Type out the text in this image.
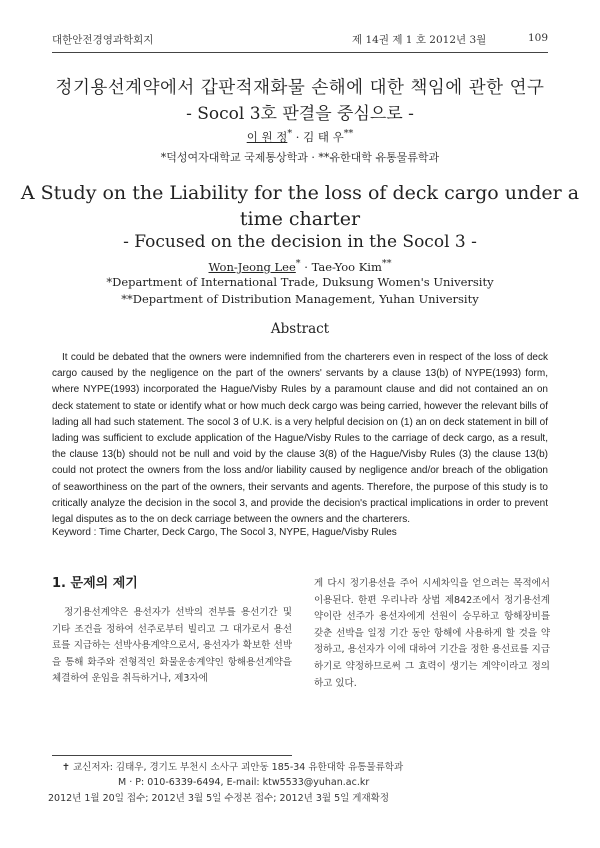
대한안전경영과학회지	제 14권 제 1 호 2012년 3월	109
정기용선계약에서 갑판적재화물 손해에 대한 책임에 관한 연구
- Socol 3호 판결을 중심으로 -
이 원 정* · 김 태 우**
*덕성여자대학교 국제통상학과 · **유한대학 유통물류학과
A Study on the Liability for the loss of deck cargo under a
time charter
- Focused on the decision in the Socol 3 -
Won-Jeong Lee* · Tae-Yoo Kim**
*Department of International Trade, Duksung Women's University
**Department of Distribution Management, Yuhan University
Abstract
It could be debated that the owners were indemnified from the charterers even in respect of the loss of deck cargo caused by the negligence on the part of the owners' servants by a clause 13(b) of NYPE(1993) form, where NYPE(1993) incorporated the Hague/Visby Rules by a paramount clause and did not contained an on deck statement to state or identify what or how much deck cargo was being carried, however the relevant bills of lading all had such statement. The socol 3 of U.K. is a very helpful decision on (1) an on deck statement in bill of lading was sufficient to exclude application of the Hague/Visby Rules to the carriage of deck cargo, as a result, the clause 13(b) should not be null and void by the clause 3(8) of the Hague/Visby Rules (3) the clause 13(b) could not protect the owners from the loss and/or liability caused by negligence and/or breach of the obligation of seaworthiness on the part of the owners, their servants and agents. Therefore, the purpose of this study is to critically analyze the decision in the socol 3, and provide the decision's practical implications in order to prevent legal disputes as to the on deck carriage between the owners and the charterers.
Keyword : Time Charter, Deck Cargo, The Socol 3, NYPE, Hague/Visby Rules
1. 문제의 제기

정기용선계약은 용선자가 선박의 전부를 용선기간 및 기타 조건을 정하여 선주로부터 빌리고 그 대가로서 용선료를 지급하는 선박사용계약으로서, 용선자가 확보한 선박을 통해 화주와 전형적인 화물운송계약인 항해용선계약을 체결하여 운임을 취득하거나, 제3자에

게 다시 정기용선을 주어 시세차익을 얻으려는 목적에서 이용된다. 한편 우리나라 상법 제842조에서 정기용선계약이란 선주가 용선자에게 선원이 승무하고 항해장비를 갖춘 선박을 일정 기간 동안 항해에 사용하게 할 것을 약정하고, 용선자가 이에 대하여 기간을 정한 용선료를 지급하기로 약정하므로써 그 효력이 생기는 계약이라고 정의하고 있다.

✝ 교신저자: 김태우, 경기도 부천시 소사구 괴안동 185-34 유한대학 유통물류학과
M · P: 010-6339-6494, E-mail: ktw5533@yuhan.ac.kr
2012년 1월 20일 접수; 2012년 3월 5일 수정본 접수; 2012년 3월 5일 게재확정
